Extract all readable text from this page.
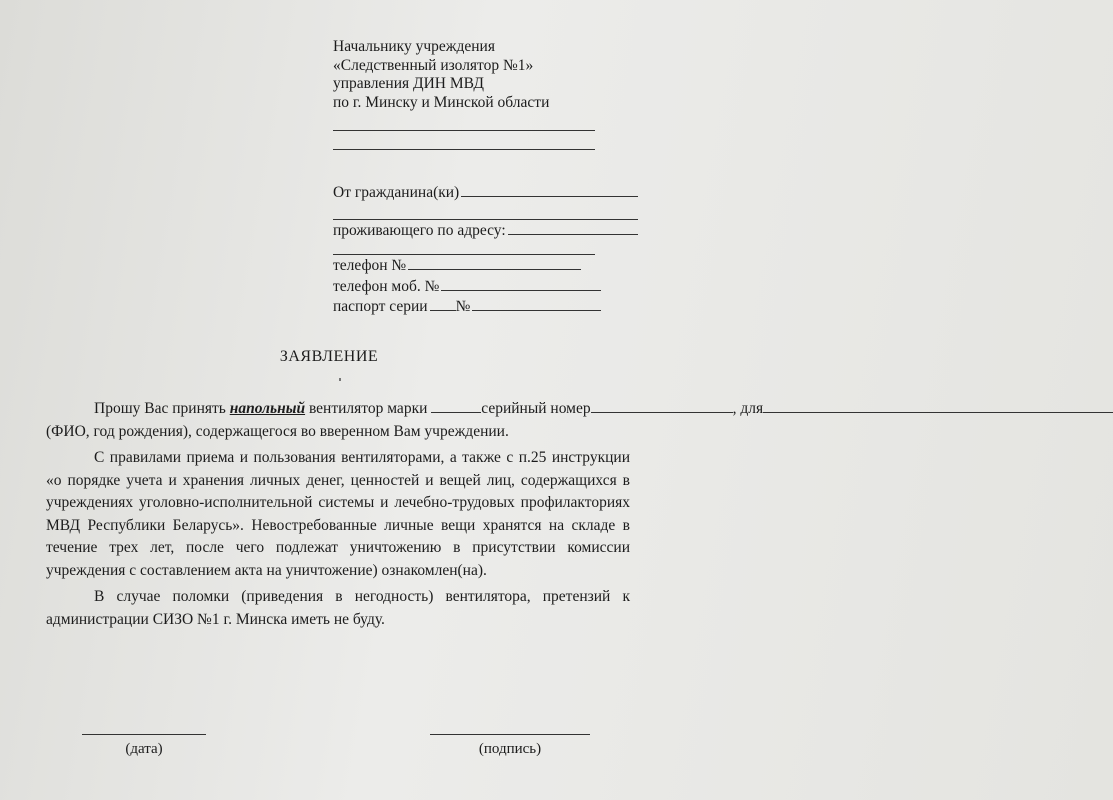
Начальнику учреждения
«Следственный изолятор №1»
управления ДИН МВД
по г. Минску и Минской области
От гражданина(ки)
проживающего по адресу:
телефон №
телефон моб. №
паспорт серии №
ЗАЯВЛЕНИЕ

Прошу Вас принять напольный вентилятор марки	серийный номер	, для

(ФИО, год рождения), содержащегося во вверенном Вам учреждении.

С правилами приема и пользования вентиляторами, а также с п.25 инструкции «о порядке учета и хранения личных денег, ценностей и вещей лиц, содержащихся в учреждениях уголовно-исполнительной системы и лечебно-трудовых профилакториях МВД Республики Беларусь». Невостребованные личные вещи хранятся на складе в течение трех лет, после чего подлежат уничтожению в присутствии комиссии учреждения с составлением акта на уничтожение) ознакомлен(на).

В случае поломки (приведения в негодность) вентилятора, претензий к администрации СИЗО №1 г. Минска иметь не буду.

(дата)	(подпись)
